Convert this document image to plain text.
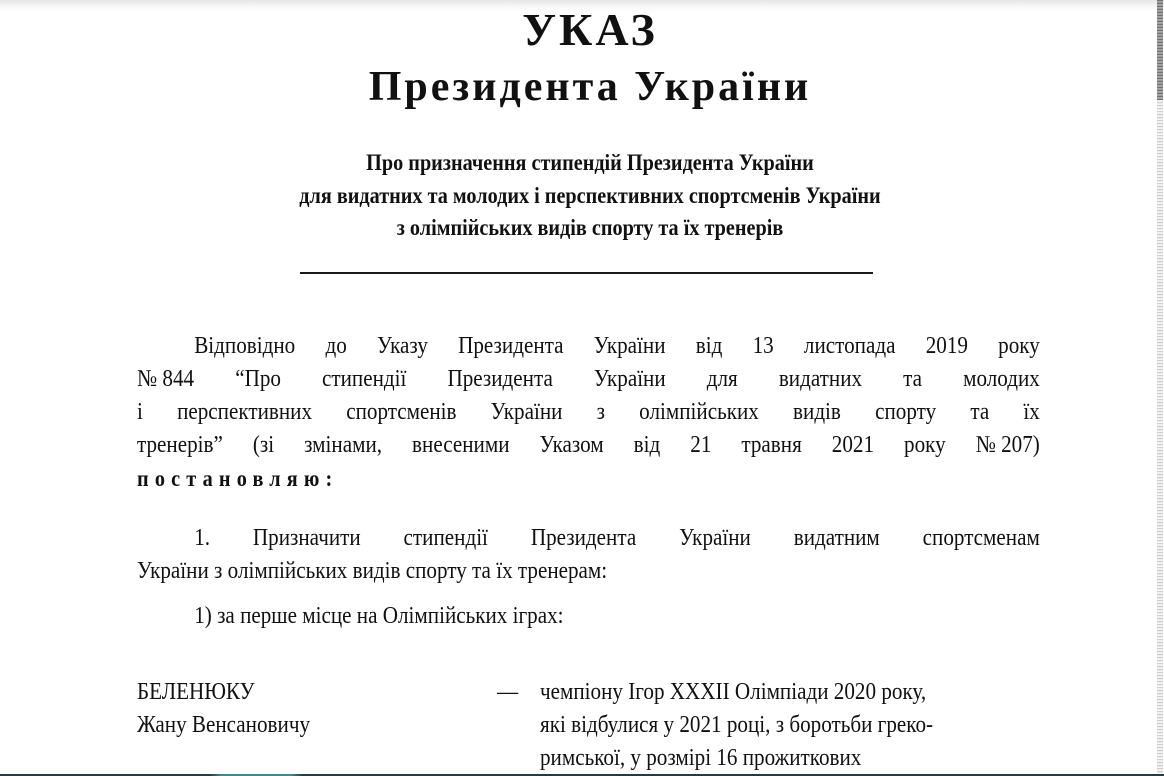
УКАЗ
Президента України
Про призначення стипендій Президента України
для видатних та молодих і перспективних спортсменів України
з олімпійських видів спорту та їх тренерів
Відповідно до Указу Президента України від 13 листопада 2019 року
№ 844 “Про стипендії Президента України для видатних та молодих
і перспективних спортсменів України з олімпійських видів спорту та їх
тренерів” (зі змінами, внесеними Указом від 21 травня 2021 року № 207)
постановляю:
1. Призначити стипендії Президента України видатним спортсменам
України з олімпійських видів спорту та їх тренерам:
1) за перше місце на Олімпійських іграх:
БЕЛЕНЮКУ
Жану Венсановичу
— чемпіону Ігор XXXII Олімпіади 2020 року,
які відбулися у 2021 році, з боротьби греко-
римської, у розмірі 16 прожиткових
